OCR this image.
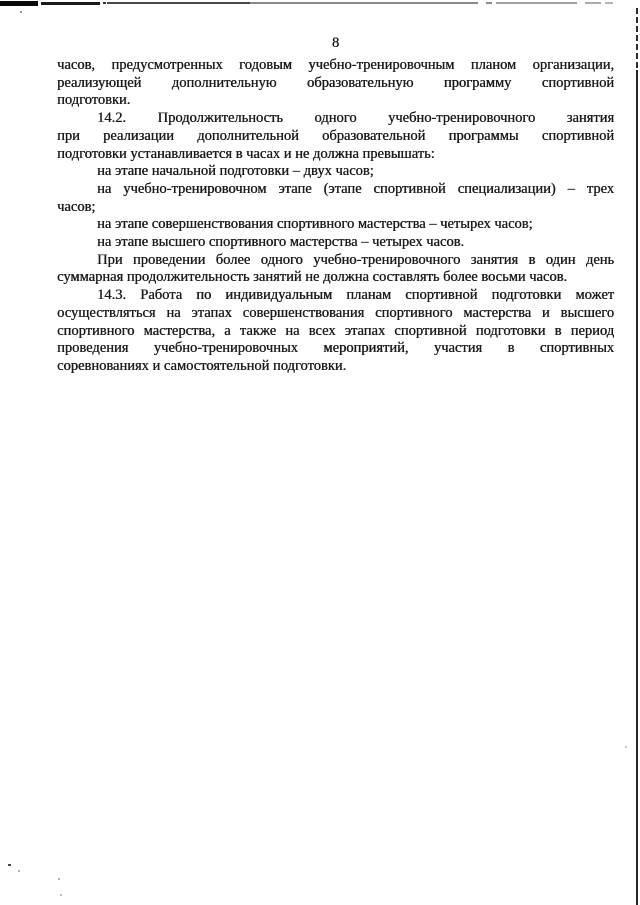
8
часов, предусмотренных годовым учебно-тренировочным планом организации,
реализующей дополнительную образовательную программу спортивной
подготовки.
14.2. Продолжительность одного учебно-тренировочного занятия
при реализации дополнительной образовательной программы спортивной
подготовки устанавливается в часах и не должна превышать:
на этапе начальной подготовки – двух часов;
на учебно-тренировочном этапе (этапе спортивной специализации) – трех
часов;
на этапе совершенствования спортивного мастерства – четырех часов;
на этапе высшего спортивного мастерства – четырех часов.
При проведении более одного учебно-тренировочного занятия в один день
суммарная продолжительность занятий не должна составлять более восьми часов.
14.3. Работа по индивидуальным планам спортивной подготовки может
осуществляться на этапах совершенствования спортивного мастерства и высшего
спортивного мастерства, а также на всех этапах спортивной подготовки в период
проведения учебно-тренировочных мероприятий, участия в спортивных
соревнованиях и самостоятельной подготовки.
